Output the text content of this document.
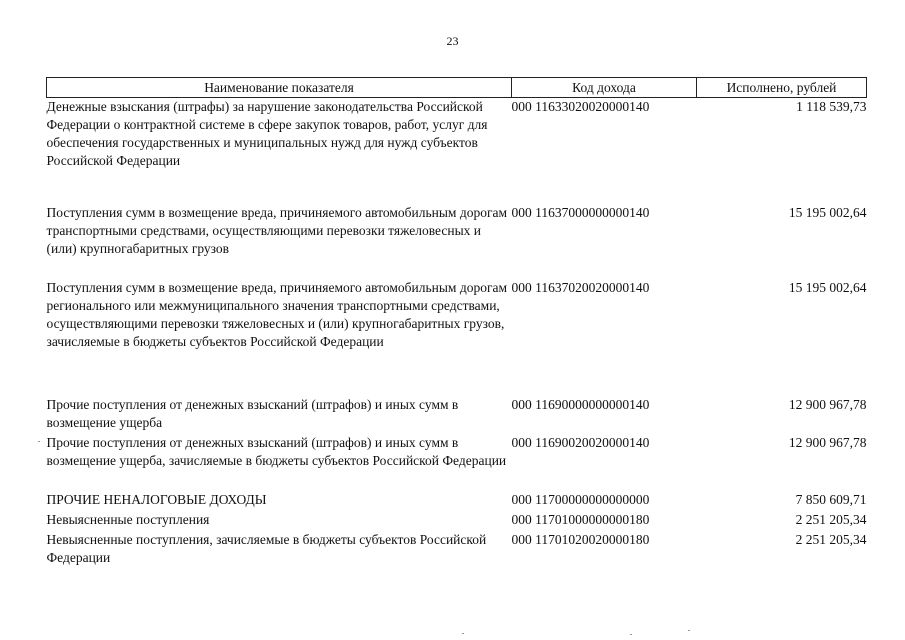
23
Наименование показателя	Код дохода	Исполнено, рублей
Денежные взыскания (штрафы) за нарушение законодательства Российской Федерации о контрактной системе в сфере закупок товаров, работ, услуг для обеспечения государственных и муниципальных нужд для нужд субъектов Российской Федерации	000 11633020020000140	1 118 539,73
Поступления сумм в возмещение вреда, причиняемого автомобильным дорогам транспортными средствами, осуществляющими перевозки тяжеловесных и (или) крупногабаритных грузов	000 11637000000000140	15 195 002,64
Поступления сумм в возмещение вреда, причиняемого автомобильным дорогам регионального или межмуниципального значения транспортными средствами, осуществляющими перевозки тяжеловесных и (или) крупногабаритных грузов, зачисляемые в бюджеты субъектов Российской Федерации	000 11637020020000140	15 195 002,64
Прочие поступления от денежных взысканий (штрафов) и иных сумм в возмещение ущерба	000 11690000000000140	12 900 967,78
Прочие поступления от денежных взысканий (штрафов) и иных сумм в возмещение ущерба, зачисляемые в бюджеты субъектов Российской Федерации	000 11690020020000140	12 900 967,78
ПРОЧИЕ НЕНАЛОГОВЫЕ ДОХОДЫ	000 11700000000000000	7 850 609,71
Невыясненные поступления	000 11701000000000180	2 251 205,34
Невыясненные поступления, зачисляемые в бюджеты субъектов Российской Федерации	000 11701020020000180	2 251 205,34
